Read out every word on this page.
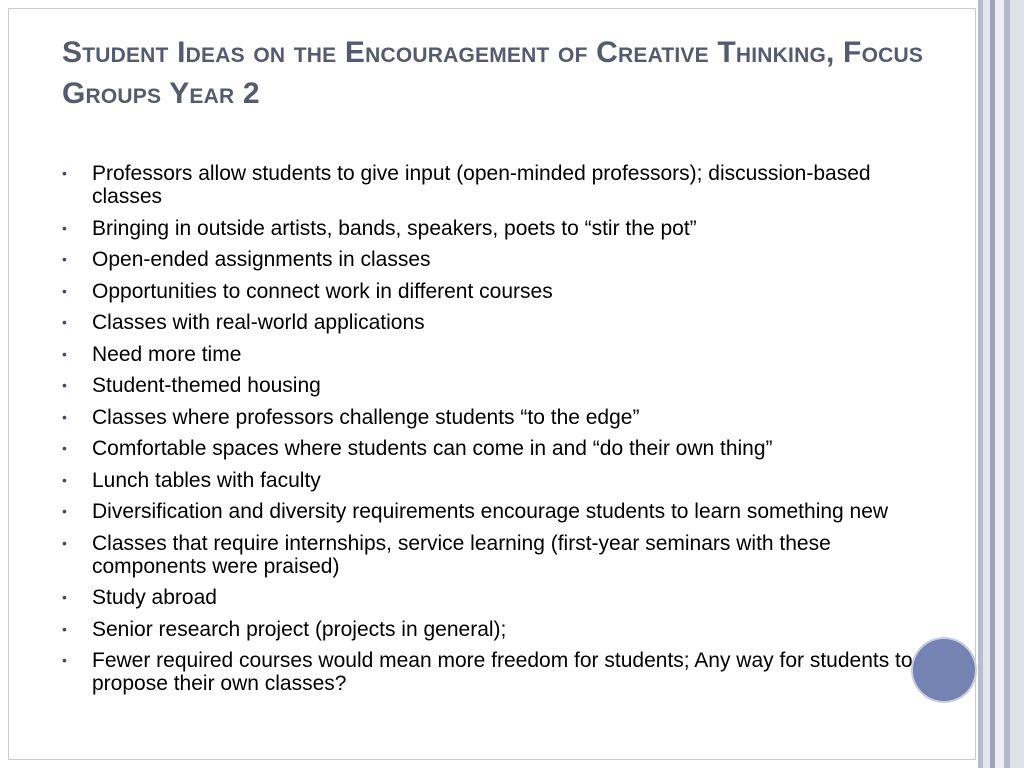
Student Ideas on the Encouragement of Creative Thinking, Focus Groups Year 2
• Professors allow students to give input (open-minded professors); discussion-based classes
• Bringing in outside artists, bands, speakers, poets to “stir the pot”
• Open-ended assignments in classes
• Opportunities to connect work in different courses
• Classes with real-world applications
• Need more time
• Student-themed housing
• Classes where professors challenge students “to the edge”
• Comfortable spaces where students can come in and “do their own thing”
• Lunch tables with faculty
• Diversification and diversity requirements encourage students to learn something new
• Classes that require internships, service learning (first-year seminars with these components were praised)
• Study abroad
• Senior research project (projects in general);
• Fewer required courses would mean more freedom for students; Any way for students to propose their own classes?
